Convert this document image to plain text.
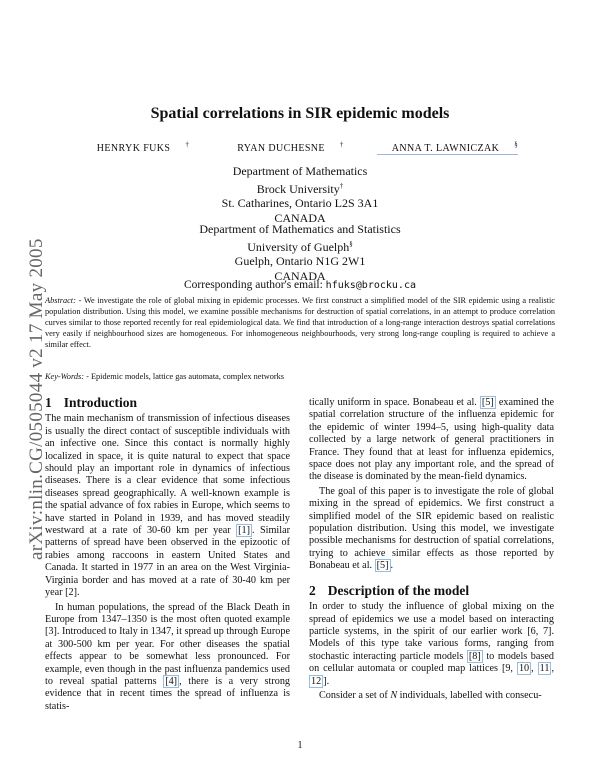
arXiv:nlin.CG/0505044 v2 17 May 2005
Spatial correlations in SIR epidemic models
HENRYK FUKS †	RYAN DUCHESNE †	ANNA T. LAWNICZAK §
Department of Mathematics
Brock University†
St. Catharines, Ontario L2S 3A1
CANADA
Department of Mathematics and Statistics
University of Guelph§
Guelph, Ontario N1G 2W1
CANADA
Corresponding author's email: hfuks@brocku.ca
Abstract: - We investigate the role of global mixing in epidemic processes. We first construct a simplified model of the SIR epidemic using a realistic population distribution. Using this model, we examine possible mechanisms for destruction of spatial correlations, in an attempt to produce correlation curves similar to those reported recently for real epidemiological data. We find that introduction of a long-range interaction destroys spatial correlations very easily if neighbourhood sizes are homogeneous. For inhomogeneous neighbourhoods, very strong long-range coupling is required to achieve a similar effect.
Key-Words: - Epidemic models, lattice gas automata, complex networks
1 Introduction

The main mechanism of transmission of infectious diseases is usually the direct contact of susceptible individuals with an infective one. Since this contact is normally highly localized in space, it is quite natural to expect that space should play an important role in dynamics of infectious diseases. There is a clear evidence that some infectious diseases spread geographically. A well-known example is the spatial advance of fox rabies in Europe, which seems to have started in Poland in 1939, and has moved steadily westward at a rate of 30-60 km per year [1] . Similar patterns of spread have been observed in the epizootic of rabies among raccoons in eastern United States and Canada. It started in 1977 in an area on the West Virginia-Virginia border and has moved at a rate of 30-40 km per year [2].

In human populations, the spread of the Black Death in Europe from 1347–1350 is the most often quoted example [3]. Introduced to Italy in 1347, it spread up through Europe at 300-500 km per year. For other diseases the spatial effects appear to be somewhat less pronounced. For example, even though in the past influenza pandemics used to reveal spatial patterns [4] , there is a very strong evidence that in recent times the spread of influenza is statis-

tically uniform in space. Bonabeau et al. [5] examined the spatial correlation structure of the influenza epidemic for the epidemic of winter 1994–5, using high-quality data collected by a large network of general practitioners in France. They found that at least for influenza epidemics, space does not play any important role, and the spread of the disease is dominated by the mean-field dynamics.

The goal of this paper is to investigate the role of global mixing in the spread of epidemics. We first construct a simplified model of the SIR epidemic based on realistic population distribution. Using this model, we investigate possible mechanisms for destruction of spatial correlations, trying to achieve similar effects as those reported by Bonabeau et al. [5] .

2 Description of the model

In order to study the influence of global mixing on the spread of epidemics we use a model based on interacting particle systems, in the spirit of our earlier work [6, 7]. Models of this type take various forms, ranging from stochastic interacting particle models [8] to models based on cellular automata or coupled map lattices [9, 10 , 11 , 12 ].

Consider a set of N individuals, labelled with consecu-

1
